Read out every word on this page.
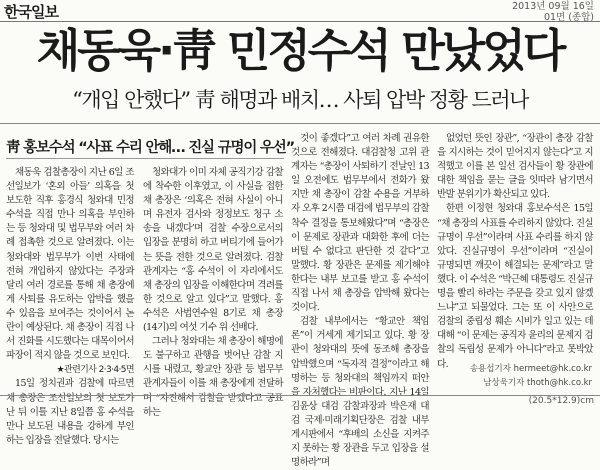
한국일보	2013년 09월 16일
01면 (종합)
채동욱·靑 민정수석 만났었다
“개입 안했다” 靑 해명과 배치… 사퇴 압박 정황 드러나
靑 홍보수석 “사표 수리 안해… 진실 규명이 우선”

채동욱 검찰총장이 지난 6일 조선일보가 ‘혼외 아들’ 의혹을 첫 보도한 직후 홍경식 청와대 민정수석을 직접 만나 의혹을 부인하는 등 청와대 및 법무부와 여러 차례 접촉한 것으로 알려졌다. 이는 청와대와 법무부가 이번 사태에 전혀 개입하지 않았다는 주장과 달리 여러 경로를 통해 채 총장에게 사퇴를 유도하는 압박을 했을 수 있음을 보여주는 것이어서 논란이 예상된다. 채 총장이 직접 나서 진화를 시도했다는 대목이어서 파장이 적지 않을 것으로 보인다.

★관련기사 2·3·4·5면

15일 정치권과 검찰에 따르면 채 총장은 조선일보의 첫 보도가 난 뒤 이틀 지난 8일쯤 홍 수석을 만나 보도된 내용을 강하게 부인하는 입장을 전달했다. 당시는

청와대가 이미 자체 공직기강 감찰에 착수한 이후였고, 이 사실을 접한 채 총장은 ‘의혹은 전혀 사실이 아니며 유전자 검사와 정정보도 청구 소송을 내겠다’며 검찰 수장으로서의 입장을 분명히 하고 버티기에 들어가는 뜻을 전한 것으로 알려졌다. 검찰 관계자는 “홍 수석이 이 자리에서도 채 총장의 입장을 이해한다며 격려를 한 것으로 알고 있다”고 말했다. 홍 수석은 사법연수원 8기로 채 총장(14기)의 여섯 기수 위 선배다.

그러나 청와대는 채 총장이 해명에도 불구하고 관행을 벗어난 감찰 지시를 내렸고, 황교안 장관 등 법무부 관계자들이 이를 채 총장에게 전달하며 “자진해서 감찰을 받겠다고 공표하는

것이 좋겠다”고 여러 차례 권유한 것으로 전해졌다. 대검찰청 고위 관계자는 “총장이 사퇴하기 전날인 13일 오전에도 법무부에서 전화가 왔지만 채 총장이 감찰 수용을 거부하자 오후 2시쯤 대검에 법무부의 감찰 착수 결정을 통보해왔다”며 “총장은 이 문제로 장관과 대화한 후에 더는 버틸 수 없다고 판단한 것 같다”고 말했다. 황 장관은 문제를 제기해야 한다는 내부 보고를 받고 홍 수석이 직접 나서 채 총장을 압박해 왔다는 것이다.

검찰 내부에서는 “황교안 책임론”이 거세게 제기되고 있다. 황 장관이 청와대의 뜻에 동조해 총장을 압박했으며 “독자적 결정”이라고 해명하는 등 청와대의 책임까지 떠안을 자처했다는 비판이다. 지난 14일 김윤상 대검 감찰과장과 박은재 대검 국제·미래기획단장은 검찰 내부게시판에서 “후배의 소신을 지켜주지 못하는 황 장관을 두고 입장을 설명하라”며

없었던 뜻인 장관”, “장관이 총장 감찰을 지시하는 것이 믿어지지 않는다”고 지적했고 이를 본 일선 검사들이 황 장관에 대한 책임을 묻는 글을 잇따라 남기면서 반발 분위기가 확산되고 있다.

한편 이정현 청와대 홍보수석은 15일 “채 총장의 사표를 수리하지 않았다. 진실 규명이 우선”이라며 사표 수리를 하지 않았다. 진실규명이 우선”이라며 “진실이 규명되면 깨끗이 해결되는 문제”라고 말했다. 이 수석은 “박근혜 대통령도 진실규명을 빨리 하라는 주문을 갖고 있지 않겠느냐”고 되물었다. 그는 또 이 사안으로 검찰의 중립성 훼손 시비가 일고 있는 데 대해 “이 문제는 공직자 윤리의 문제지 검찰의 독립성 문제가 아니다”라고 못박았다.	송용섭기자 hermeet@hk.co.kr
남상욱기자 thoth@hk.co.kr
(20.5*12.9)cm
